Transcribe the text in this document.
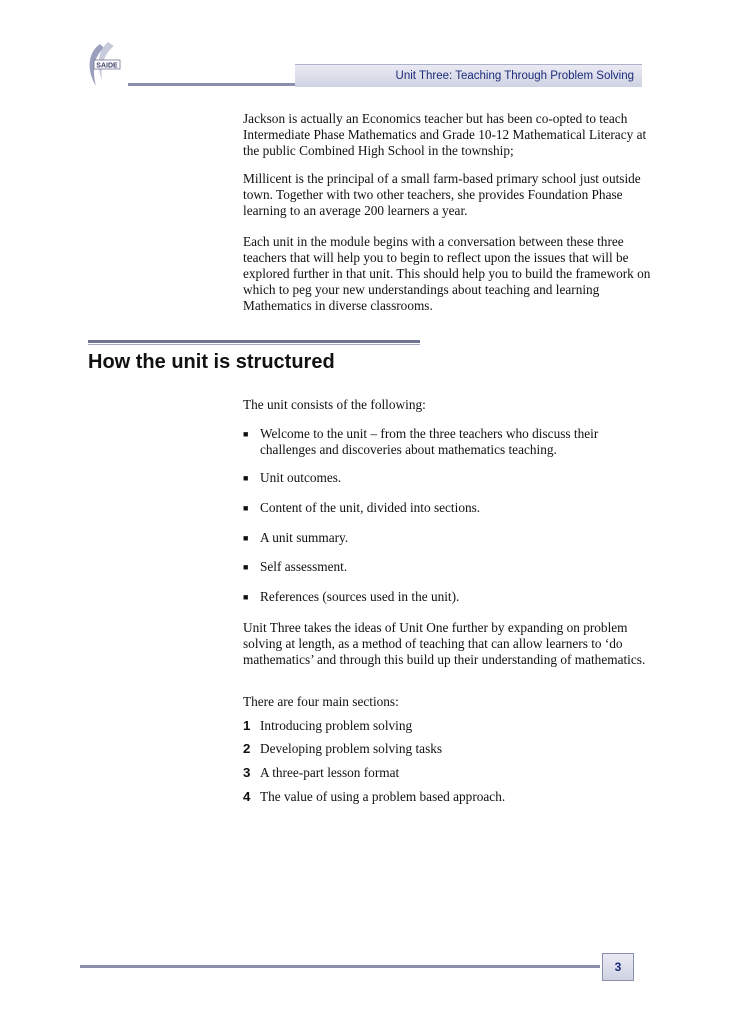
SAIDE
Unit Three: Teaching Through Problem Solving

Jackson is actually an Economics teacher but has been co-opted to teach Intermediate Phase Mathematics and Grade 10-12 Mathematical Literacy at the public Combined High School in the township;

Millicent is the principal of a small farm-based primary school just outside town. Together with two other teachers, she provides Foundation Phase learning to an average 200 learners a year.

Each unit in the module begins with a conversation between these three teachers that will help you to begin to reflect upon the issues that will be explored further in that unit. This should help you to build the framework on which to peg your new understandings about teaching and learning Mathematics in diverse classrooms.

How the unit is structured

The unit consists of the following:

■ Welcome to the unit – from the three teachers who discuss their challenges and discoveries about mathematics teaching.
■ Unit outcomes.
■ Content of the unit, divided into sections.
■ A unit summary.
■ Self assessment.
■ References (sources used in the unit).

Unit Three takes the ideas of Unit One further by expanding on problem solving at length, as a method of teaching that can allow learners to ‘do mathematics’ and through this build up their understanding of mathematics.

There are four main sections:

1 Introducing problem solving
2 Developing problem solving tasks
3 A three-part lesson format
4 The value of using a problem based approach.
3
